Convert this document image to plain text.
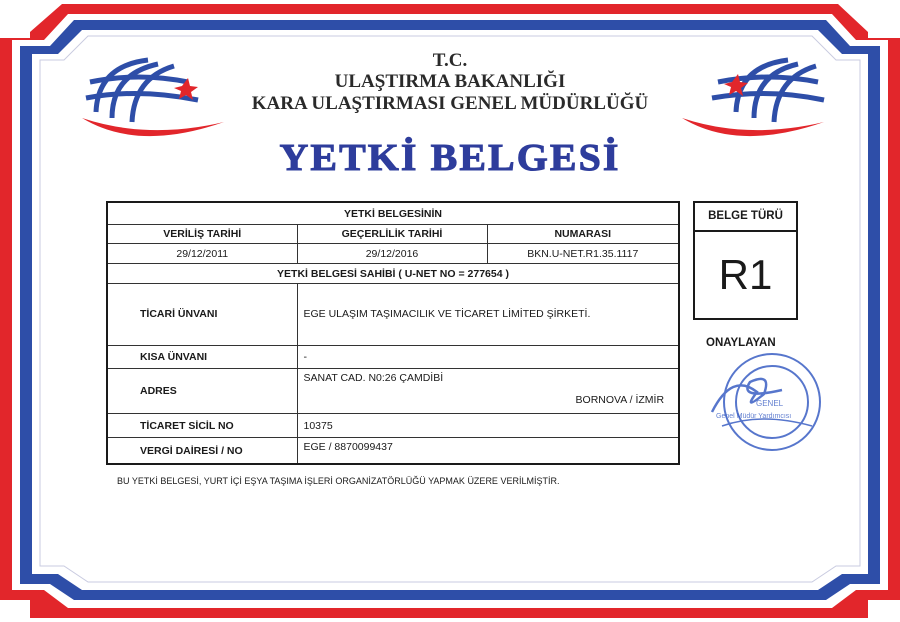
T.C.
ULAŞTIRMA BAKANLIĞI
KARA ULAŞTIRMASI GENEL MÜDÜRLÜĞÜ
YETKİ BELGESİ
YETKİ BELGESİNİN		
VERİLİŞ TARİHİ	GEÇERLİLİK TARİHİ	NUMARASI
29/12/2011	29/12/2016	BKN.U-NET.R1.35.1117
YETKİ BELGESİ SAHİBİ ( U-NET NO = 277654 )		
TİCARİ ÜNVANI	EGE ULAŞIM TAŞIMACILIK VE TİCARET LİMİTED ŞİRKETİ.	
KISA ÜNVANI	-	
ADRES	SANAT CAD. N0:26 ÇAMDİBİ
BORNOVA / İZMİR	

TİCARET SİCİL NO	10375	
VERGİ DAİRESİ / NO	EGE / 8870099437	
BELGE TÜRÜ
R1
GENEL
Genel Müdür Yardımcısı
ONAYLAYAN
BU YETKİ BELGESİ, YURT İÇİ EŞYA TAŞIMA İŞLERİ ORGANİZATÖRLÜĞÜ YAPMAK ÜZERE VERİLMİŞTİR.
